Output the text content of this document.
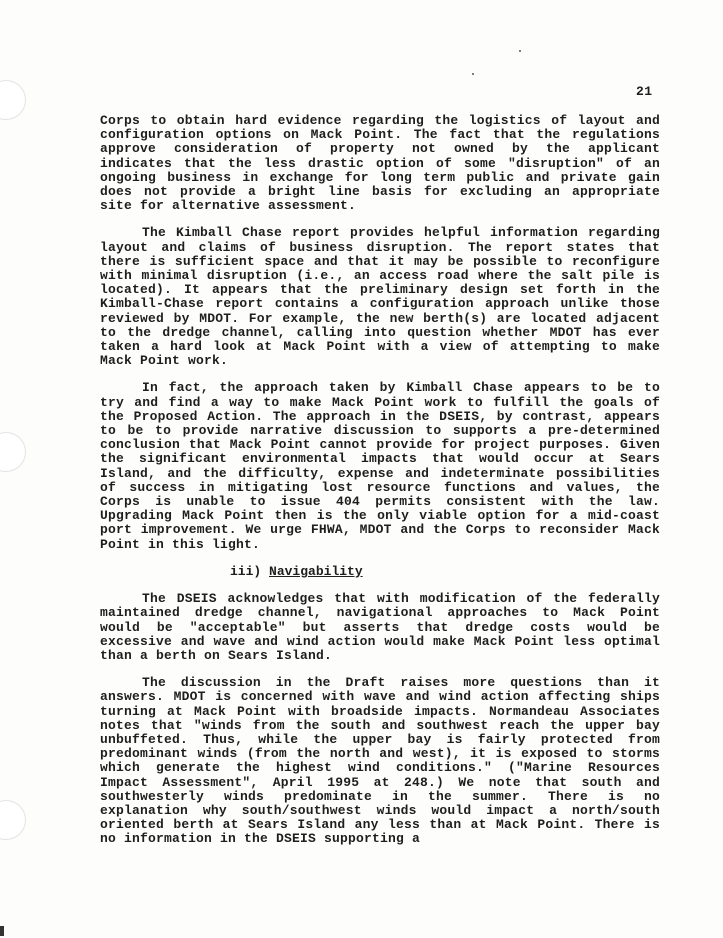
21

Corps to obtain hard evidence regarding the logistics of layout and configuration options on Mack Point. The fact that the regulations approve consideration of property not owned by the applicant indicates that the less drastic option of some "disruption" of an ongoing business in exchange for long term public and private gain does not provide a bright line basis for excluding an appropriate site for alternative assessment.

The Kimball Chase report provides helpful information regarding layout and claims of business disruption. The report states that there is sufficient space and that it may be possible to reconfigure with minimal disruption (i.e., an access road where the salt pile is located). It appears that the preliminary design set forth in the Kimball-Chase report contains a configuration approach unlike those reviewed by MDOT. For example, the new berth(s) are located adjacent to the dredge channel, calling into question whether MDOT has ever taken a hard look at Mack Point with a view of attempting to make Mack Point work.

In fact, the approach taken by Kimball Chase appears to be to try and find a way to make Mack Point work to fulfill the goals of the Proposed Action. The approach in the DSEIS, by contrast, appears to be to provide narrative discussion to supports a pre-determined conclusion that Mack Point cannot provide for project purposes. Given the significant environmental impacts that would occur at Sears Island, and the difficulty, expense and indeterminate possibilities of success in mitigating lost resource functions and values, the Corps is unable to issue 404 permits consistent with the law. Upgrading Mack Point then is the only viable option for a mid-coast port improvement. We urge FHWA, MDOT and the Corps to reconsider Mack Point in this light.

iii) Navigability

The DSEIS acknowledges that with modification of the federally maintained dredge channel, navigational approaches to Mack Point would be "acceptable" but asserts that dredge costs would be excessive and wave and wind action would make Mack Point less optimal than a berth on Sears Island.

The discussion in the Draft raises more questions than it answers. MDOT is concerned with wave and wind action affecting ships turning at Mack Point with broadside impacts. Normandeau Associates notes that "winds from the south and southwest reach the upper bay unbuffeted. Thus, while the upper bay is fairly protected from predominant winds (from the north and west), it is exposed to storms which generate the highest wind conditions." ("Marine Resources Impact Assessment", April 1995 at 248.) We note that south and southwesterly winds predominate in the summer. There is no explanation why south/southwest winds would impact a north/south oriented berth at Sears Island any less than at Mack Point. There is no information in the DSEIS supporting a
